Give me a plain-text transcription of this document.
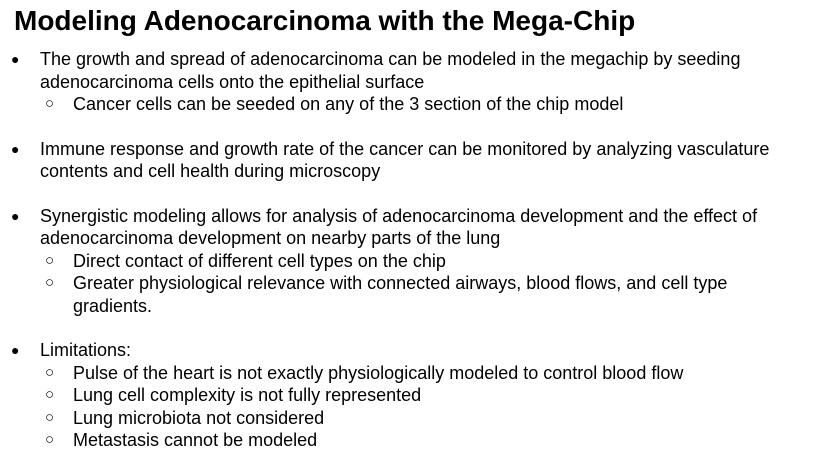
Modeling Adenocarcinoma with the Mega-Chip
● The growth and spread of adenocarcinoma can be modeled in the megachip by seeding
adenocarcinoma cells onto the epithelial surface
○ Cancer cells can be seeded on any of the 3 section of the chip model
● Immune response and growth rate of the cancer can be monitored by analyzing vasculature
contents and cell health during microscopy
● Synergistic modeling allows for analysis of adenocarcinoma development and the effect of
adenocarcinoma development on nearby parts of the lung
○ Direct contact of different cell types on the chip
○ Greater physiological relevance with connected airways, blood flows, and cell type
gradients.
● Limitations:
○ Pulse of the heart is not exactly physiologically modeled to control blood flow
○ Lung cell complexity is not fully represented
○ Lung microbiota not considered
○ Metastasis cannot be modeled
